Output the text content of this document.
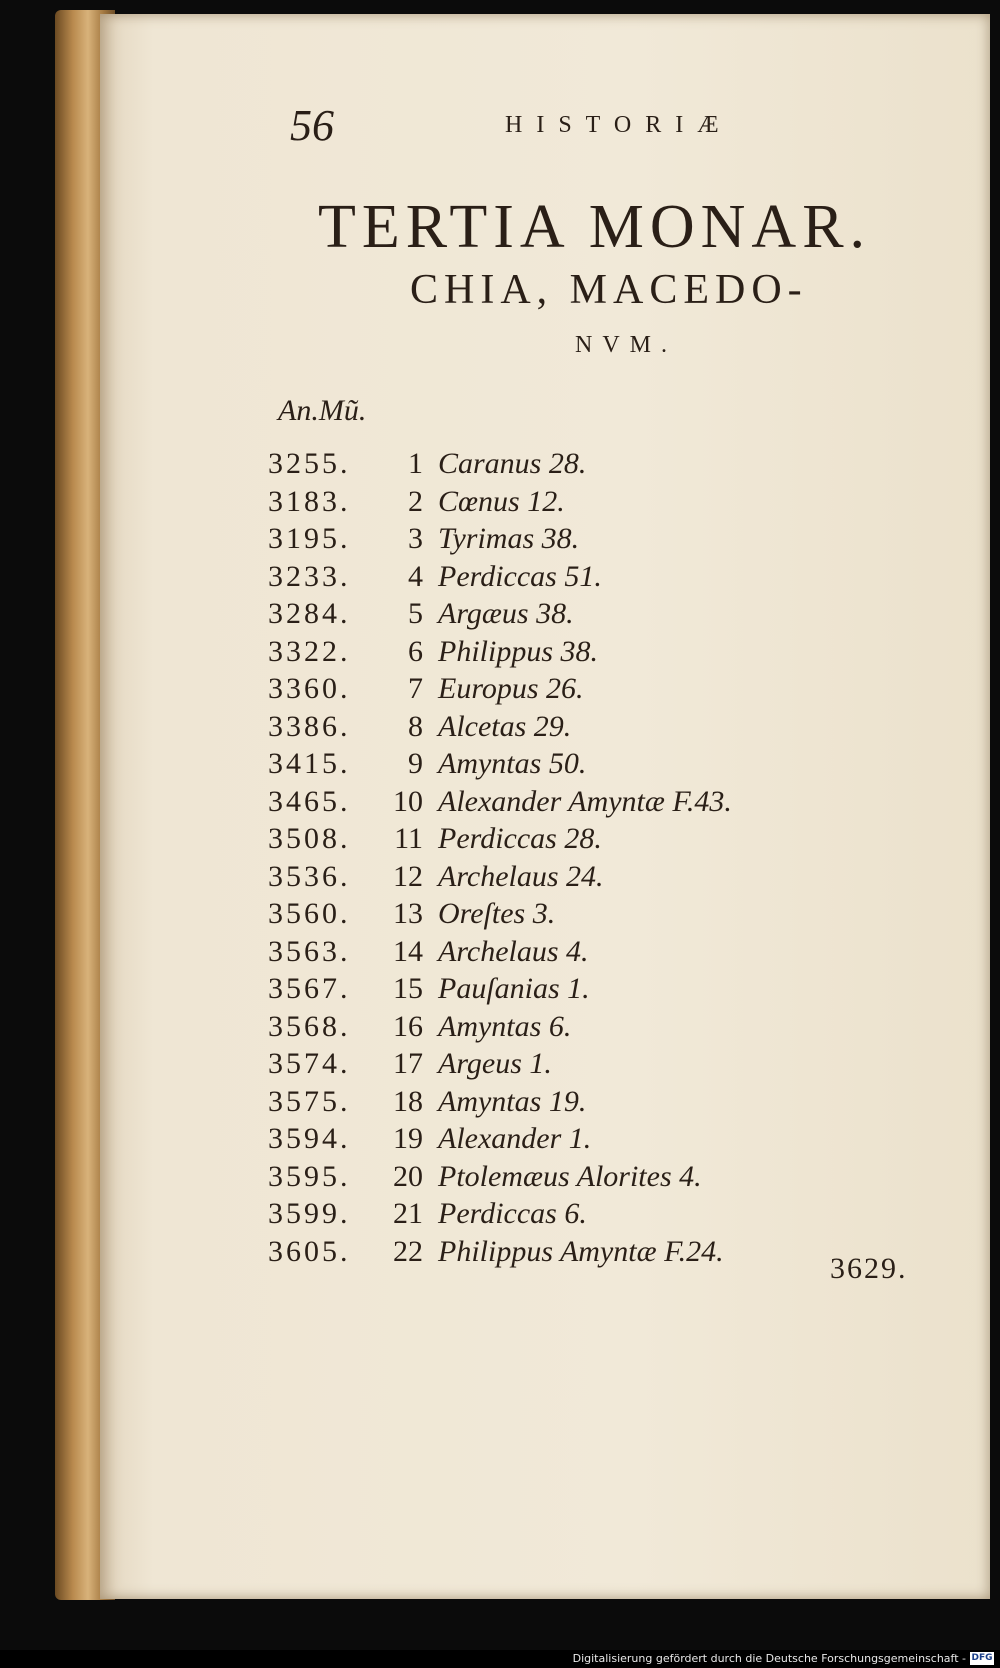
56	HISTORIÆ
TERTIA MONAR.
CHIA, MACEDO-
NVM.
An.Mũ.
3255.	1 Caranus 28.
3183.	2 Cœnus 12.
3195.	3 Tyrimas 38.
3233.	4 Perdiccas 51.
3284.	5 Argæus 38.
3322.	6 Philippus 38.
3360.	7 Europus 26.
3386.	8 Alcetas 29.
3415.	9 Amyntas 50.
3465.	10 Alexander Amyntæ F.43.
3508.	11 Perdiccas 28.
3536.	12 Archelaus 24.
3560.	13 Oreſtes 3.
3563.	14 Archelaus 4.
3567.	15 Pauſanias 1.
3568.	16 Amyntas 6.
3574.	17 Argeus 1.
3575.	18 Amyntas 19.
3594.	19 Alexander 1.
3595.	20 Ptolemæus Alorites 4.
3599.	21 Perdiccas 6.
3605.	22 Philippus Amyntæ F.24.
3629.
Digitalisierung gefördert durch die Deutsche Forschungsgemeinschaft - DFG
